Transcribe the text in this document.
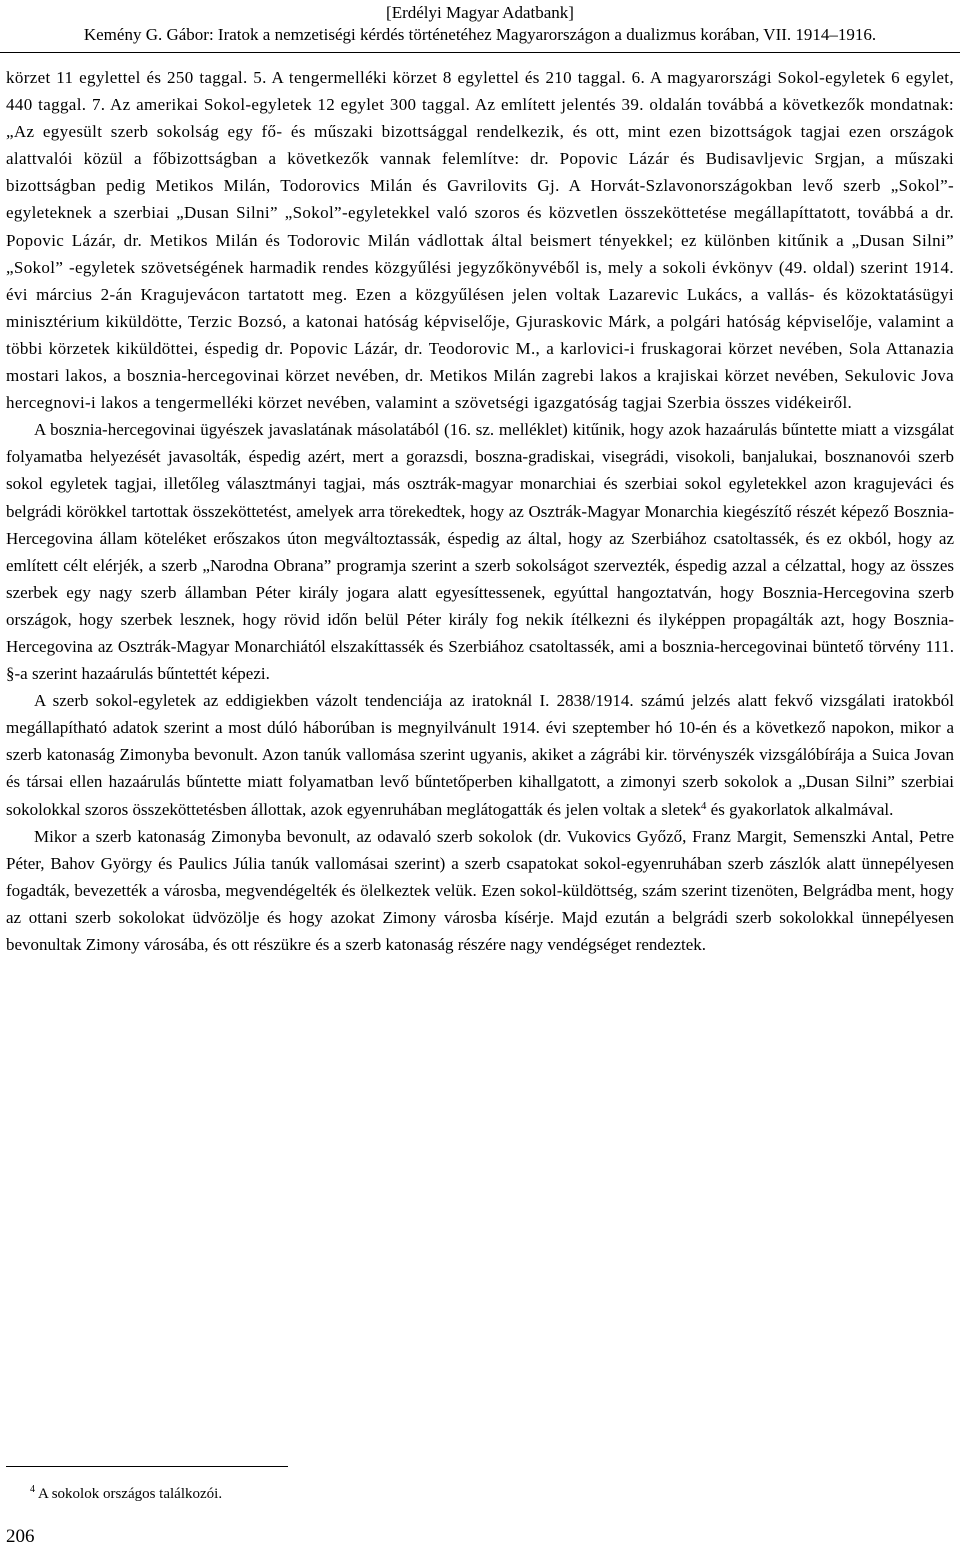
[Erdélyi Magyar Adatbank]
Kemény G. Gábor: Iratok a nemzetiségi kérdés történetéhez Magyarországon a dualizmus korában, VII. 1914–1916.

körzet 11 egylettel és 250 taggal. 5. A tengermelléki körzet 8 egylettel és 210 taggal. 6. A magyarországi Sokol-egyletek 6 egylet, 440 taggal. 7. Az amerikai Sokol-egyletek 12 egylet 300 taggal. Az említett jelentés 39. oldalán továbbá a következők mondatnak: „Az egyesült szerb sokolság egy fő- és műszaki bizottsággal rendelkezik, és ott, mint ezen bizottságok tagjai ezen országok alattvalói közül a főbizottságban a következők vannak felemlítve: dr. Popovic Lázár és Budisavljevic Srgjan, a műszaki bizottságban pedig Metikos Milán, Todorovics Milán és Gavrilovits Gj. A Horvát-Szlavonországokban levő szerb „Sokol”-egyleteknek a szerbiai „Dusan Silni” „Sokol”-egyletekkel való szoros és közvetlen összeköttetése megállapíttatott, továbbá a dr. Popovic Lázár, dr. Metikos Milán és Todorovic Milán vádlottak által beismert tényekkel; ez különben kitűnik a „Dusan Silni” „Sokol” -egyletek szövetségének harmadik rendes közgyűlési jegyzőkönyvéből is, mely a sokoli évkönyv (49. oldal) szerint 1914. évi március 2-án Kragujevácon tartatott meg. Ezen a közgyűlésen jelen voltak Lazarevic Lukács, a vallás- és közoktatásügyi minisztérium kiküldötte, Terzic Bozsó, a katonai hatóság képviselője, Gjuraskovic Márk, a polgári hatóság képviselője, valamint a többi körzetek kiküldöttei, éspedig dr. Popovic Lázár, dr. Teodorovic M., a karlovici-i fruskagorai körzet nevében, Sola Attanazia mostari lakos, a bosznia-hercegovinai körzet nevében, dr. Metikos Milán zagrebi lakos a krajiskai körzet nevében, Sekulovic Jova hercegnovi-i lakos a tengermelléki körzet nevében, valamint a szövetségi igazgatóság tagjai Szerbia összes vidékeiről.

A bosznia-hercegovinai ügyészek javaslatának másolatából (16. sz. melléklet) kitűnik, hogy azok hazaárulás bűntette miatt a vizsgálat folyamatba helyezését javasolták, éspedig azért, mert a gorazsdi, boszna-gradiskai, visegrádi, visokoli, banjalukai, bosznanovói szerb sokol egyletek tagjai, illetőleg választmányi tagjai, más osztrák-magyar monarchiai és szerbiai sokol egyletekkel azon kragujeváci és belgrádi körökkel tartottak összeköttetést, amelyek arra törekedtek, hogy az Osztrák-Magyar Monarchia kiegészítő részét képező Bosznia-Hercegovina állam köteléket erőszakos úton megváltoztassák, éspedig az által, hogy az Szerbiához csatoltassék, és ez okból, hogy az említett célt elérjék, a szerb „Narodna Obrana” programja szerint a szerb sokolságot szervezték, éspedig azzal a célzattal, hogy az összes szerbek egy nagy szerb államban Péter király jogara alatt egyesíttessenek, egyúttal hangoztatván, hogy Bosznia-Hercegovina szerb országok, hogy szerbek lesznek, hogy rövid időn belül Péter király fog nekik ítélkezni és ilyképpen propagálták azt, hogy Bosznia-Hercegovina az Osztrák-Magyar Monarchiától elszakíttassék és Szerbiához csatoltassék, ami a bosznia-hercegovinai büntető törvény 111. §-a szerint hazaárulás bűntettét képezi.

A szerb sokol-egyletek az eddigiekben vázolt tendenciája az iratoknál I. 2838/1914. számú jelzés alatt fekvő vizsgálati iratokból megállapítható adatok szerint a most dúló háborúban is megnyilvánult 1914. évi szeptember hó 10-én és a következő napokon, mikor a szerb katonaság Zimonyba bevonult. Azon tanúk vallomása szerint ugyanis, akiket a zágrábi kir. törvényszék vizsgálóbírája a Suica Jovan és társai ellen hazaárulás bűntette miatt folyamatban levő bűntetőperben kihallgatott, a zimonyi szerb sokolok a „Dusan Silni” szerbiai sokolokkal szoros összeköttetésben állottak, azok egyenruhában meglátogatták és jelen voltak a sletek$^4$ és gyakorlatok alkalmával.

Mikor a szerb katonaság Zimonyba bevonult, az odavaló szerb sokolok (dr. Vukovics Győző, Franz Margit, Semenszki Antal, Petre Péter, Bahov György és Paulics Júlia tanúk vallomásai szerint) a szerb csapatokat sokol-egyenruhában szerb zászlók alatt ünnepélyesen fogadták, bevezették a városba, megvendégelték és ölelkeztek velük. Ezen sokol-küldöttség, szám szerint tizenöten, Belgrádba ment, hogy az ottani szerb sokolokat üdvözölje és hogy azokat Zimony városba kísérje. Majd ezután a belgrádi szerb sokolokkal ünnepélyesen bevonultak Zimony városába, és ott részükre és a szerb katonaság részére nagy vendégséget rendeztek.

$^4$ A sokolok országos találkozói.
206
